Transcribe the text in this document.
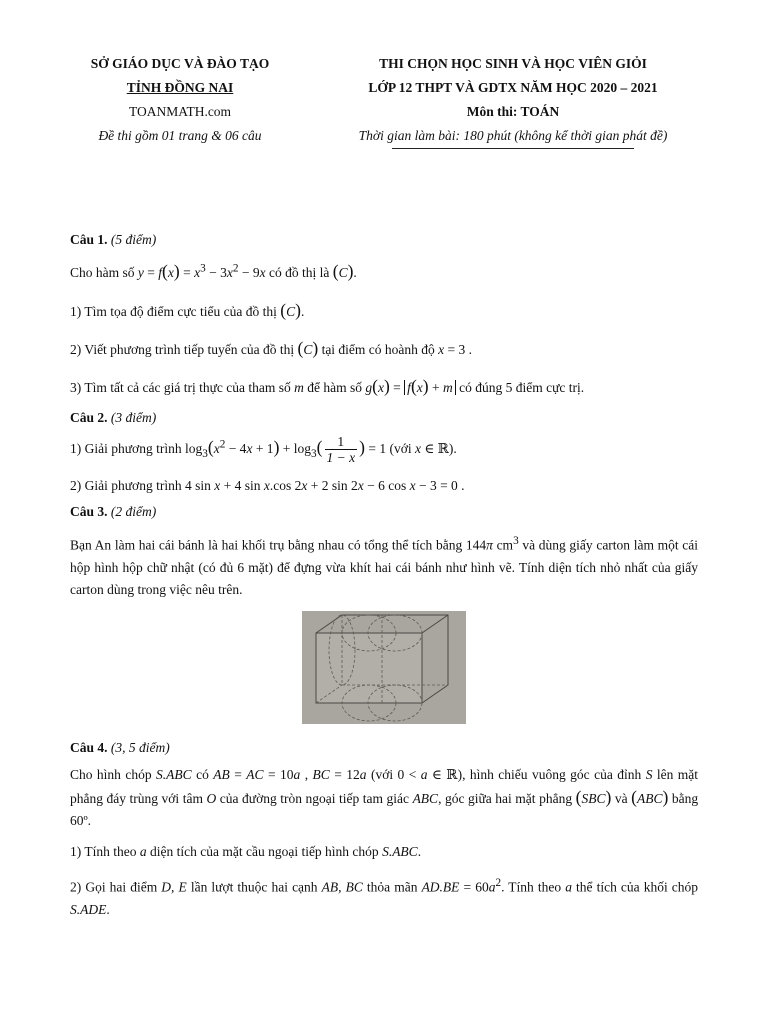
SỞ GIÁO DỤC VÀ ĐÀO TẠO
TỈNH ĐỒNG NAI
TOANMATH.com
Đề thi gồm 01 trang & 06 câu
THI CHỌN HỌC SINH VÀ HỌC VIÊN GIỎI
LỚP 12 THPT VÀ GDTX NĂM HỌC 2020 – 2021
Môn thi: TOÁN
Thời gian làm bài: 180 phút (không kể thời gian phát đề)

Câu 1. (5 điểm)

Cho hàm số $y = f(x) = x^3 - 3x^2 - 9x$ có đồ thị là (C).

1) Tìm tọa độ điểm cực tiểu của đồ thị (C).

2) Viết phương trình tiếp tuyến của đồ thị (C) tại điểm có hoành độ x = 3 .

3) Tìm tất cả các giá trị thực của tham số m để hàm số g(x) = f(x) + m có đúng 5 điểm cực trị.

Câu 2. (3 điểm)

1) Giải phương trình $\log_3(x^2 - 4x + 1) + \log_3( \frac{1}{1 - x}$ ) = 1 (với x ∈ ℝ).

2) Giải phương trình 4 sin x + 4 sin x.cos 2x + 2 sin 2x − 6 cos x − 3 = 0 .

Câu 3. (2 điểm)

Bạn An làm hai cái bánh là hai khối trụ bằng nhau có tổng thể tích bằng 144π $cm^3$ và dùng giấy carton làm một cái hộp hình hộp chữ nhật (có đủ 6 mặt) để đựng vừa khít hai cái bánh như hình vẽ. Tính diện tích nhỏ nhất của giấy carton dùng trong việc nêu trên.

Câu 4. (3, 5 điểm)

Cho hình chóp S.ABC có AB = AC = 10a , BC = 12a (với 0 < a ∈ ℝ), hình chiếu vuông góc của đỉnh S lên mặt phẳng đáy trùng với tâm O của đường tròn ngoại tiếp tam giác ABC, góc giữa hai mặt phẳng (SBC) và (ABC) bằng 60º.

1) Tính theo a diện tích của mặt cầu ngoại tiếp hình chóp S.ABC.

2) Gọi hai điểm D, E lần lượt thuộc hai cạnh AB, BC thỏa mãn $AD.BE = 60a^2$. Tính theo a thể tích của khối chóp S.ADE.
